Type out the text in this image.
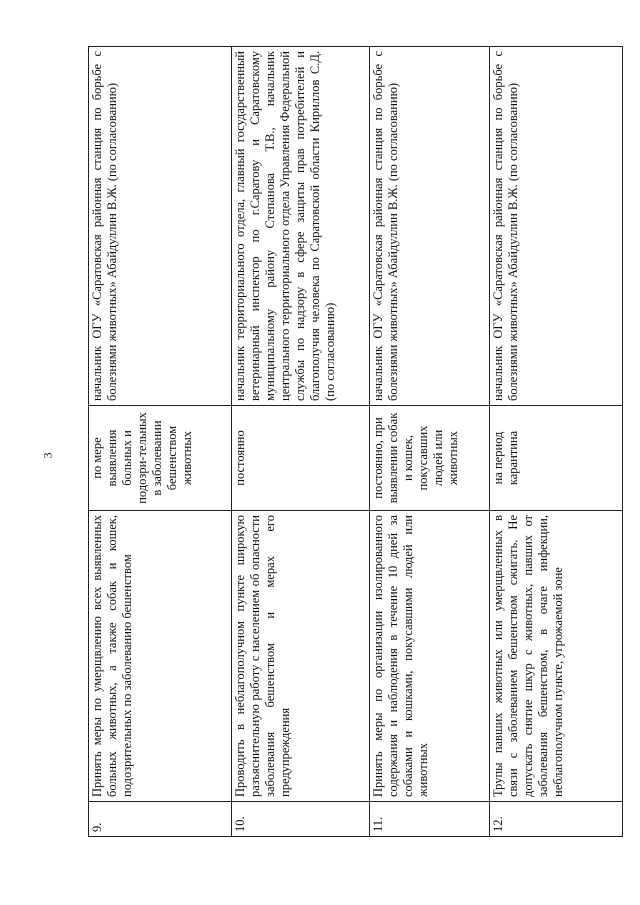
3
9.	Принять меры по умерщвлению всех выявленных больных животных, а также собак и кошек, подозрительных по заболеванию бешенством	по мере выявления больных и подозри-тельных в заболевании бешенством животных	начальник ОГУ «Саратовская районная станция по борьбе с болезнями животных» Абайдуллин В.Ж. (по согласованию)
10.	Проводить в неблагополучном пункте широкую разъяснительную работу с населением об опасности заболевания бешенством и мерах его предупреждения	постоянно	начальник территориального отдела, главный государственный ветеринарный инспектор по г.Саратову и Саратовскому муниципальному району Степанова Т.В., начальник центрального территориального отдела Управления Федеральной службы по надзору в сфере защиты прав потребителей и благополучия человека по Саратовской области Кириллов С.Д. (по согласованию)
11.	Принять меры по организации изолированного содержания и наблюдения в течение 10 дней за собаками и кошками, покусавшими людей или животных	постоянно, при выявлении собак и кошек, покусавших людей или животных	начальник ОГУ «Саратовская районная станция по борьбе с болезнями животных» Абайдуллин В.Ж. (по согласованию)
12.	Трупы павших животных или умерщвленных в связи с заболеванием бешенством сжигать. Не допускать снятие шкур с животных, павших от заболевания бешенством, в очаге инфекции, неблагополучном пункте, угрожаемой зоне	на период карантина	начальник ОГУ «Саратовская районная станция по борьбе с болезнями животных» Абайдуллин В.Ж. (по согласованию)
